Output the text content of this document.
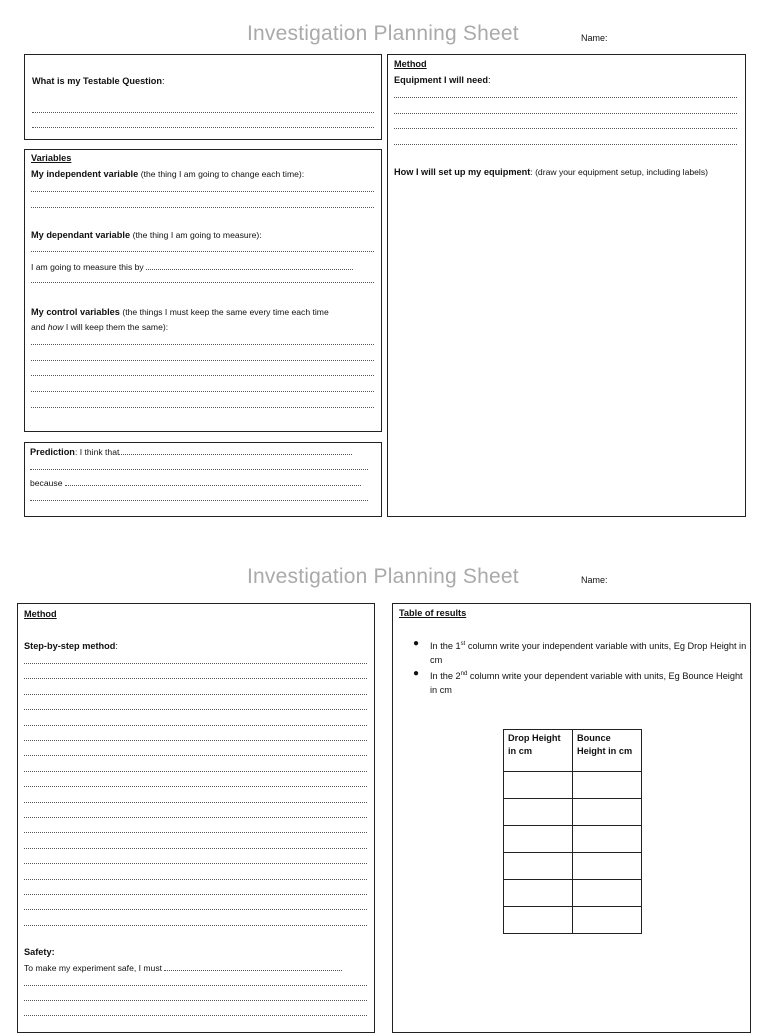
Investigation Planning Sheet	Name:
What is my Testable Question:
Variables
My independent variable (the thing I am going to change each time):
My dependant variable (the thing I am going to measure):
I am going to measure this by
My control variables (the things I must keep the same every time each time
and how I will keep them the same):
Prediction: I think that
because
Method
Equipment I will need:
How I will set up my equipment: (draw your equipment setup, including labels)
Investigation Planning Sheet	Name:
Method
Step-by-step method:
Safety:
To make my experiment safe, I must
Table of results
● In the 1st column write your independent variable with units, Eg Drop Height in cm
● In the 2nd column write your dependent variable with units, Eg Bounce Height in cm
Drop Height in cm	Bounce Height in cm
